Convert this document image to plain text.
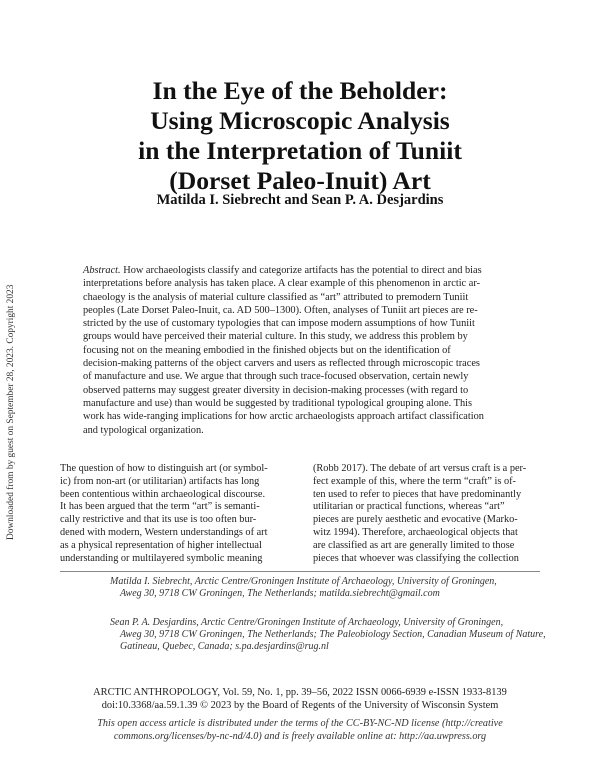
Downloaded from by guest on September 28, 2023. Copyright 2023
In the Eye of the Beholder:
Using Microscopic Analysis
in the Interpretation of Tuniit
(Dorset Paleo-Inuit) Art
Matilda I. Siebrecht and Sean P. A. Desjardins
Abstract. How archaeologists classify and categorize artifacts has the potential to direct and bias
interpretations before analysis has taken place. A clear example of this phenomenon in arctic ar-
chaeology is the analysis of material culture classified as “art” attributed to premodern Tuniit
peoples (Late Dorset Paleo-Inuit, ca. AD 500–1300). Often, analyses of Tuniit art pieces are re-
stricted by the use of customary typologies that can impose modern assumptions of how Tuniit
groups would have perceived their material culture. In this study, we address this problem by
focusing not on the meaning embodied in the finished objects but on the identification of
decision-making patterns of the object carvers and users as reflected through microscopic traces
of manufacture and use. We argue that through such trace-focused observation, certain newly
observed patterns may suggest greater diversity in decision-making processes (with regard to
manufacture and use) than would be suggested by traditional typological grouping alone. This
work has wide-ranging implications for how arctic archaeologists approach artifact classification
and typological organization.
The question of how to distinguish art (or symbol-
ic) from non-art (or utilitarian) artifacts has long
been contentious within archaeological discourse.
It has been argued that the term “art” is semanti-
cally restrictive and that its use is too often bur-
dened with modern, Western understandings of art
as a physical representation of higher intellectual
understanding or multilayered symbolic meaning
(Robb 2017). The debate of art versus craft is a per-
fect example of this, where the term “craft” is of-
ten used to refer to pieces that have predominantly
utilitarian or practical functions, whereas “art”
pieces are purely aesthetic and evocative (Marko-
witz 1994). Therefore, archaeological objects that
are classified as art are generally limited to those
pieces that whoever was classifying the collection
Matilda I. Siebrecht, Arctic Centre/Groningen Institute of Archaeology, University of Groningen,
Aweg 30, 9718 CW Groningen, The Netherlands; matilda.siebrecht@gmail.com
Sean P. A. Desjardins, Arctic Centre/Groningen Institute of Archaeology, University of Groningen,
Aweg 30, 9718 CW Groningen, The Netherlands; The Paleobiology Section, Canadian Museum of Nature,
Gatineau, Quebec, Canada; s.pa.desjardins@rug.nl
ARCTIC ANTHROPOLOGY, Vol. 59, No. 1, pp. 39–56, 2022 ISSN 0066-6939 e-ISSN 1933-8139
doi:10.3368/aa.59.1.39 © 2023 by the Board of Regents of the University of Wisconsin System
This open access article is distributed under the terms of the CC-BY-NC-ND license (http://creative
commons.org/licenses/by-nc-nd/4.0) and is freely available online at: http://aa.uwpress.org
